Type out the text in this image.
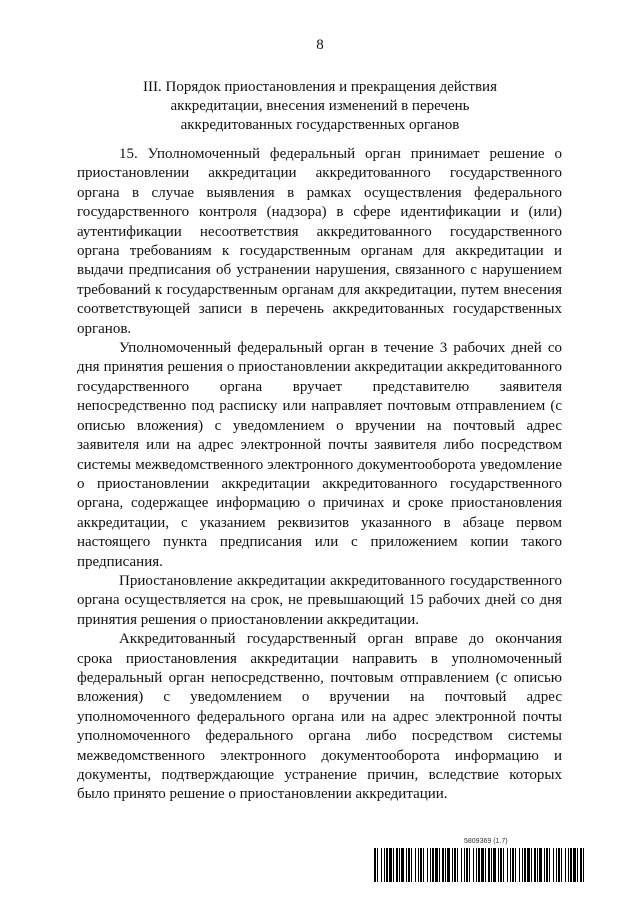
8
III. Порядок приостановления и прекращения действия
аккредитации, внесения изменений в перечень
аккредитованных государственных органов

15. Уполномоченный федеральный орган принимает решение о приостановлении аккредитации аккредитованного государственного органа в случае выявления в рамках осуществления федерального государственного контроля (надзора) в сфере идентификации и (или) аутентификации несоответствия аккредитованного государственного органа требованиям к государственным органам для аккредитации и выдачи предписания об устранении нарушения, связанного с нарушением требований к государственным органам для аккредитации, путем внесения соответствующей записи в перечень аккредитованных государственных органов.

Уполномоченный федеральный орган в течение 3 рабочих дней со дня принятия решения о приостановлении аккредитации аккредитованного государственного органа вручает представителю заявителя непосредственно под расписку или направляет почтовым отправлением (с описью вложения) с уведомлением о вручении на почтовый адрес заявителя или на адрес электронной почты заявителя либо посредством системы межведомственного электронного документооборота уведомление о приостановлении аккредитации аккредитованного государственного органа, содержащее информацию о причинах и сроке приостановления аккредитации, с указанием реквизитов указанного в абзаце первом настоящего пункта предписания или с приложением копии такого предписания.

Приостановление аккредитации аккредитованного государственного органа осуществляется на срок, не превышающий 15 рабочих дней со дня принятия решения о приостановлении аккредитации.

Аккредитованный государственный орган вправе до окончания срока приостановления аккредитации направить в уполномоченный федеральный орган непосредственно, почтовым отправлением (с описью вложения) с уведомлением о вручении на почтовый адрес уполномоченного федерального органа или на адрес электронной почты уполномоченного федерального органа либо посредством системы межведомственного электронного документооборота информацию и документы, подтверждающие устранение причин, вследствие которых было принято решение о приостановлении аккредитации.

5809369 (1.7)
